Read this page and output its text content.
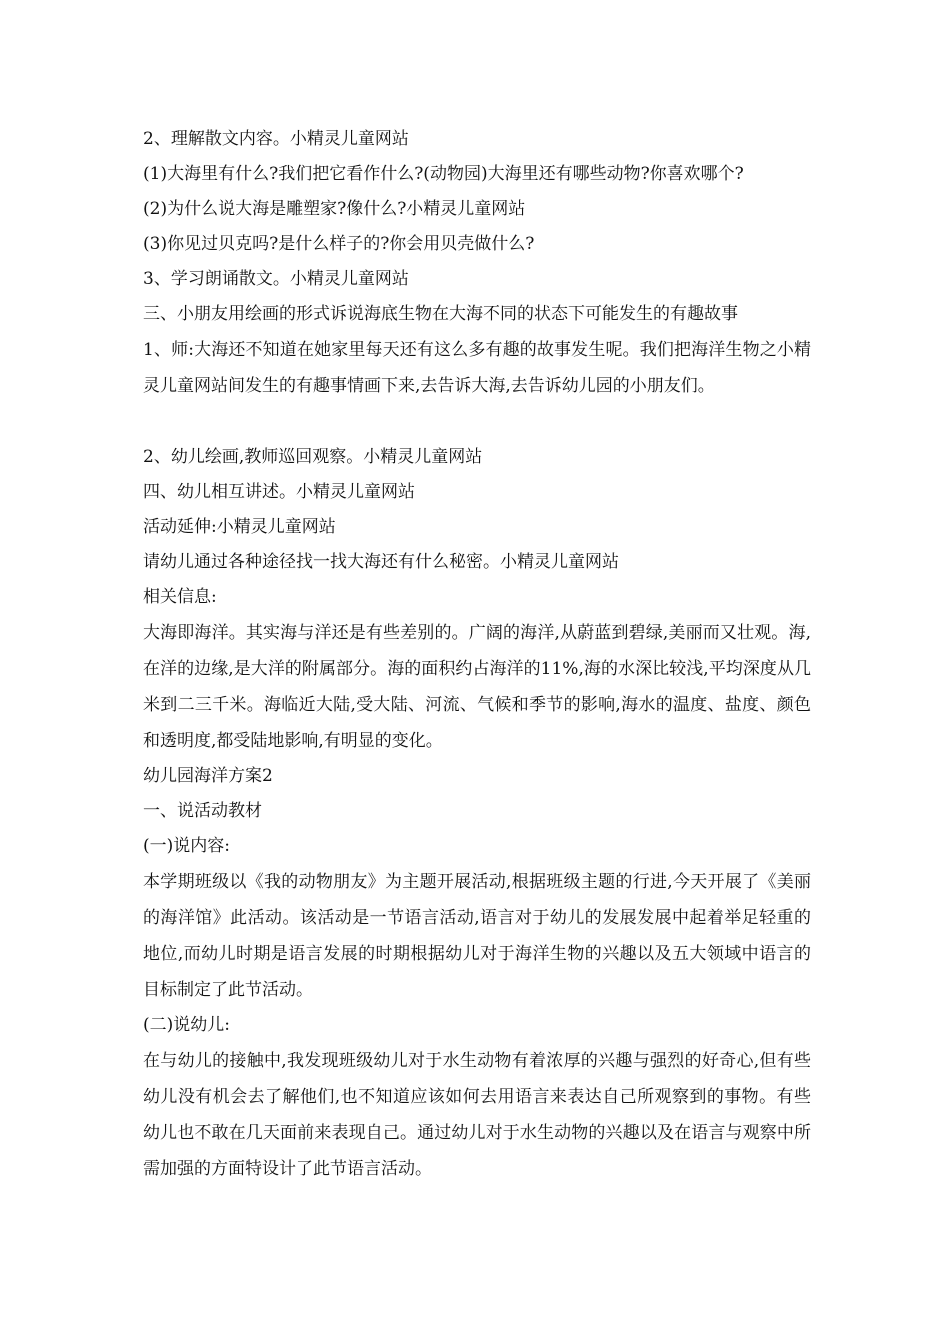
2、理解散文内容。小精灵儿童网站
(1)大海里有什么?我们把它看作什么?(动物园)大海里还有哪些动物?你喜欢哪个?
(2)为什么说大海是雕塑家?像什么?小精灵儿童网站
(3)你见过贝克吗?是什么样子的?你会用贝壳做什么?
3、学习朗诵散文。小精灵儿童网站
三、小朋友用绘画的形式诉说海底生物在大海不同的状态下可能发生的有趣故事
1、师:大海还不知道在她家里每天还有这么多有趣的故事发生呢。我们把海洋生物之小精灵儿童网站间发生的有趣事情画下来,去告诉大海,去告诉幼儿园的小朋友们。
2、幼儿绘画,教师巡回观察。小精灵儿童网站
四、幼儿相互讲述。小精灵儿童网站
活动延伸:小精灵儿童网站
请幼儿通过各种途径找一找大海还有什么秘密。小精灵儿童网站
相关信息:
大海即海洋。其实海与洋还是有些差别的。广阔的海洋,从蔚蓝到碧绿,美丽而又壮观。海,在洋的边缘,是大洋的附属部分。海的面积约占海洋的11%,海的水深比较浅,平均深度从几米到二三千米。海临近大陆,受大陆、河流、气候和季节的影响,海水的温度、盐度、颜色和透明度,都受陆地影响,有明显的变化。
幼儿园海洋方案2
一、说活动教材
(一)说内容:
本学期班级以《我的动物朋友》为主题开展活动,根据班级主题的行进,今天开展了《美丽的海洋馆》此活动。该活动是一节语言活动,语言对于幼儿的发展发展中起着举足轻重的地位,而幼儿时期是语言发展的时期根据幼儿对于海洋生物的兴趣以及五大领域中语言的目标制定了此节活动。
(二)说幼儿:
在与幼儿的接触中,我发现班级幼儿对于水生动物有着浓厚的兴趣与强烈的好奇心,但有些幼儿没有机会去了解他们,也不知道应该如何去用语言来表达自己所观察到的事物。有些幼儿也不敢在几天面前来表现自己。通过幼儿对于水生动物的兴趣以及在语言与观察中所需加强的方面特设计了此节语言活动。
